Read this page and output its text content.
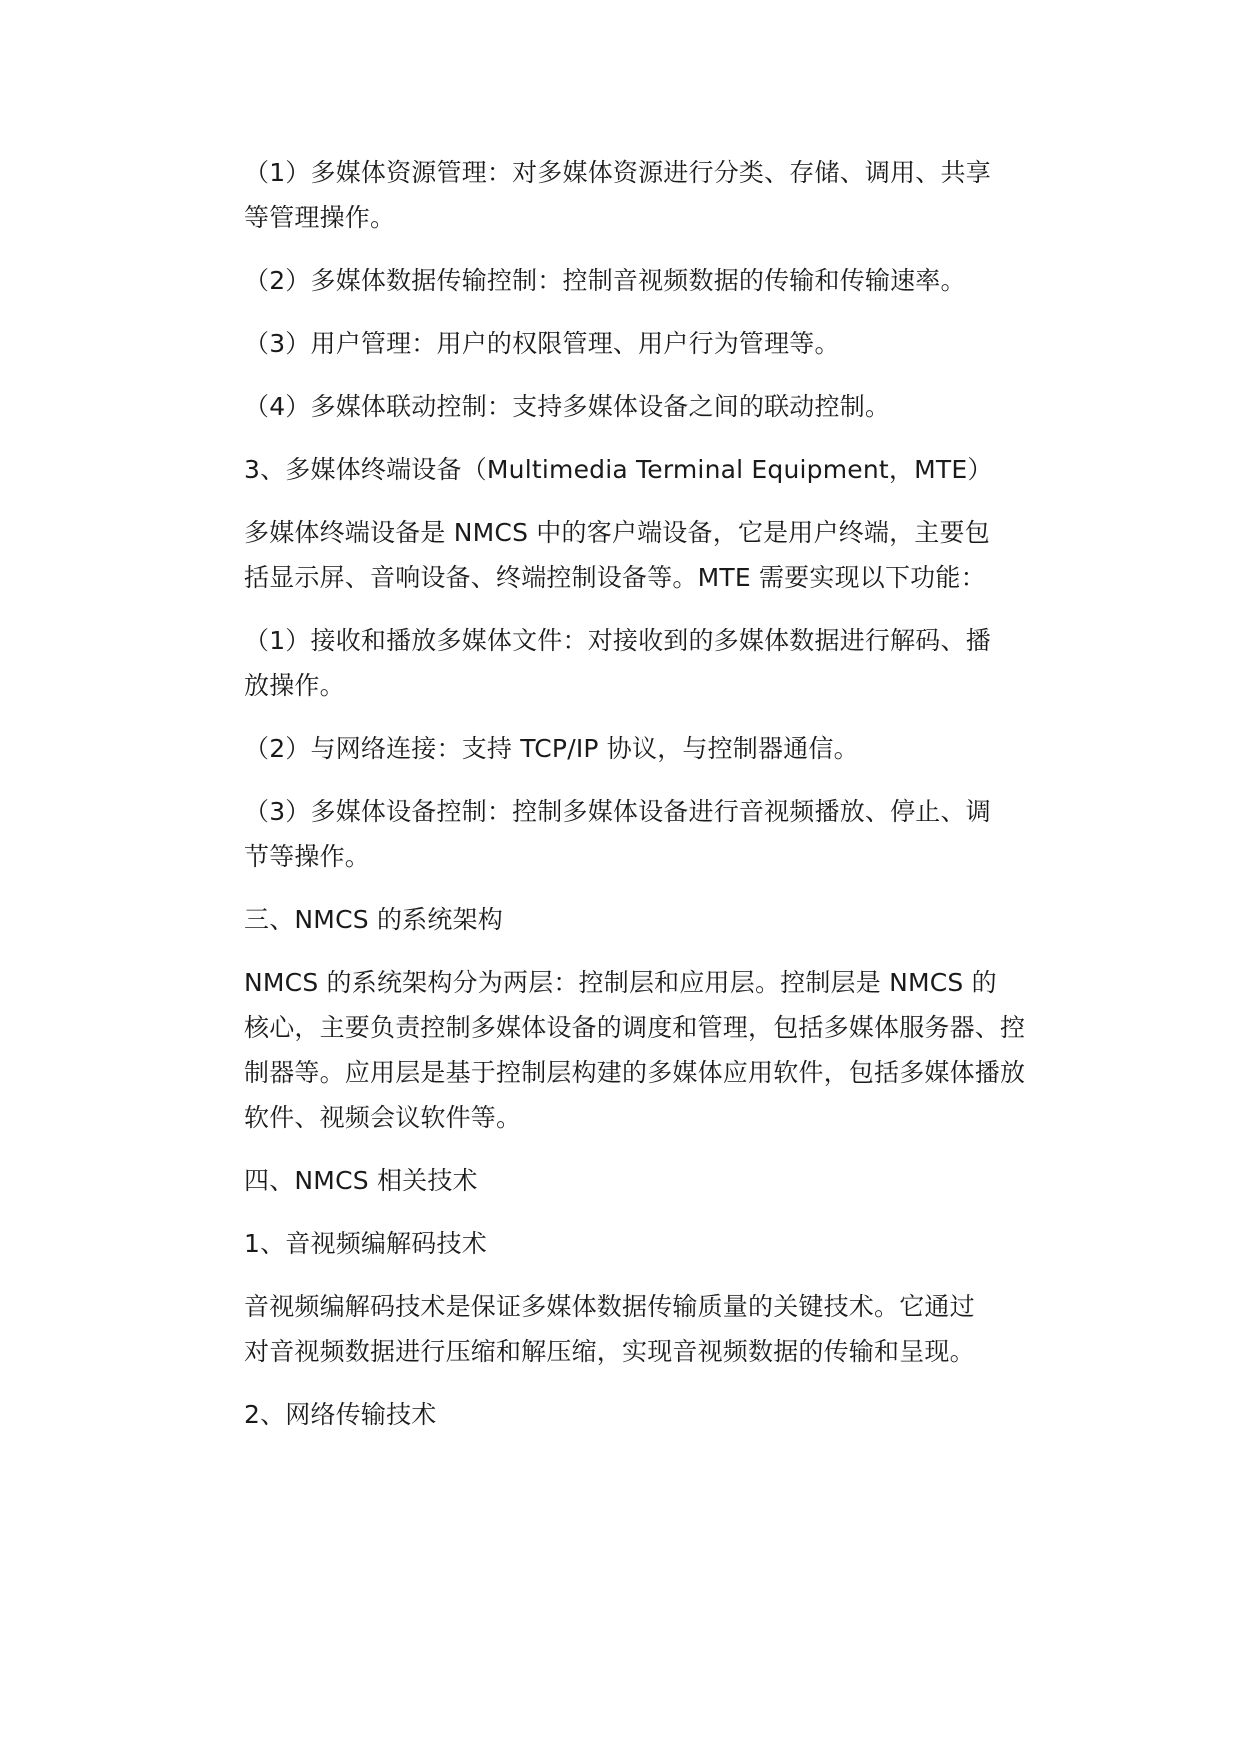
（1）多媒体资源管理：对多媒体资源进行分类、存储、调用、共享
等管理操作。

（2）多媒体数据传输控制：控制音视频数据的传输和传输速率。

（3）用户管理：用户的权限管理、用户行为管理等。

（4）多媒体联动控制：支持多媒体设备之间的联动控制。

3、多媒体终端设备（Multimedia Terminal Equipment，MTE）

多媒体终端设备是 NMCS 中的客户端设备，它是用户终端，主要包
括显示屏、音响设备、终端控制设备等。MTE 需要实现以下功能：

（1）接收和播放多媒体文件：对接收到的多媒体数据进行解码、播
放操作。

（2）与网络连接：支持 TCP/IP 协议，与控制器通信。

（3）多媒体设备控制：控制多媒体设备进行音视频播放、停止、调
节等操作。

三、NMCS 的系统架构

NMCS 的系统架构分为两层：控制层和应用层。控制层是 NMCS 的
核心，主要负责控制多媒体设备的调度和管理，包括多媒体服务器、控
制器等。应用层是基于控制层构建的多媒体应用软件，包括多媒体播放
软件、视频会议软件等。

四、NMCS 相关技术

1、音视频编解码技术

音视频编解码技术是保证多媒体数据传输质量的关键技术。它通过
对音视频数据进行压缩和解压缩，实现音视频数据的传输和呈现。

2、网络传输技术
